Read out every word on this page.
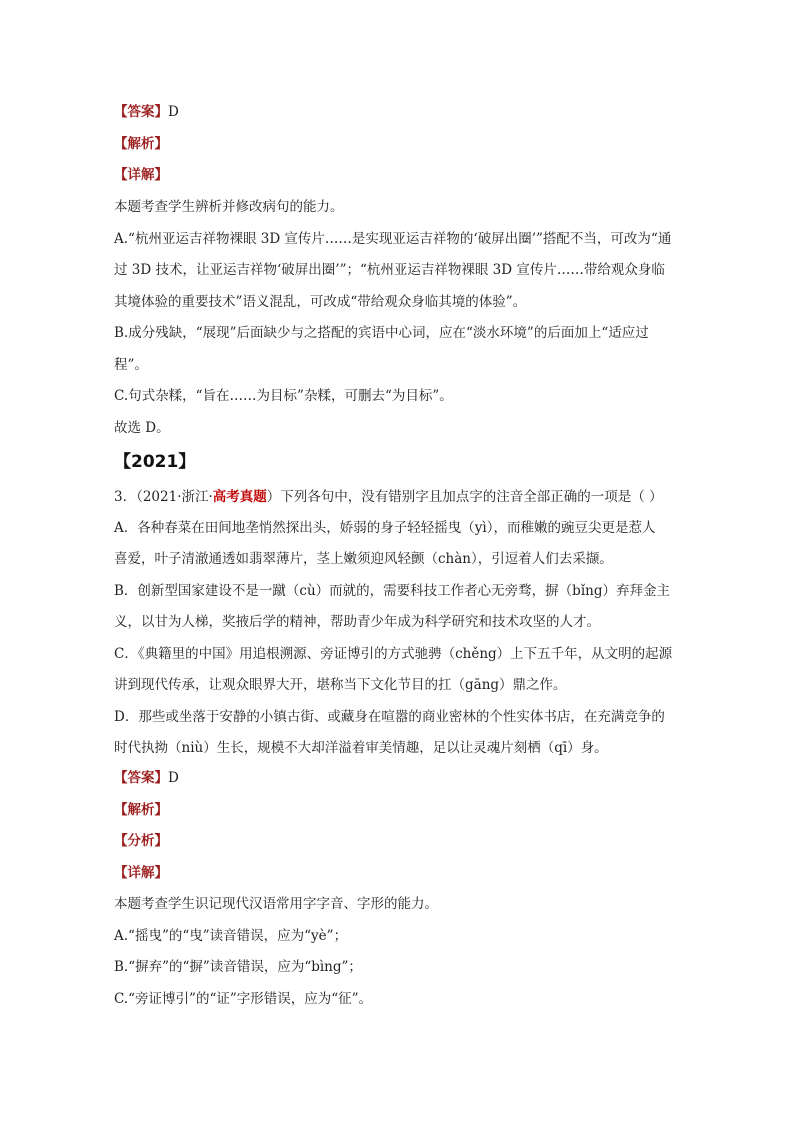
【答案】D
【解析】
【详解】
本题考查学生辨析并修改病句的能力。
A.“杭州亚运吉祥物裸眼 3D 宣传片……是实现亚运吉祥物的‘破屏出圈’”搭配不当，可改为“通
过 3D 技术，让亚运吉祥物‘破屏出圈’”；“杭州亚运吉祥物裸眼 3D 宣传片……带给观众身临
其境体验的重要技术”语义混乱，可改成“带给观众身临其境的体验”。
B.成分残缺，“展现”后面缺少与之搭配的宾语中心词，应在“淡水环境”的后面加上“适应过
程”。
C.句式杂糅，“旨在……为目标”杂糅，可删去“为目标”。
故选 D。
【2021】
3．（2021·浙江·高考真题）下列各句中，没有错别字且加点字的注音全部正确的一项是（ ）
A．各种春菜在田间地垄悄然探出头，娇弱的身子轻轻摇曳（yì），而稚嫩的豌豆尖更是惹人
喜爱，叶子清澈通透如翡翠薄片，茎上嫩须迎风轻颤（chàn），引逗着人们去采撷。
B．创新型国家建设不是一蹴（cù）而就的，需要科技工作者心无旁骛，摒（bǐng）弃拜金主
义，以甘为人梯，奖掖后学的精神，帮助青少年成为科学研究和技术攻坚的人才。
C．《典籍里的中国》用追根溯源、旁证博引的方式驰骋（chěng）上下五千年，从文明的起源
讲到现代传承，让观众眼界大开，堪称当下文化节目的扛（gāng）鼎之作。
D．那些或坐落于安静的小镇古街、或藏身在喧嚣的商业密林的个性实体书店，在充满竞争的
时代执拗（niù）生长，规模不大却洋溢着审美情趣，足以让灵魂片刻栖（qī）身。
【答案】D
【解析】
【分析】
【详解】
本题考查学生识记现代汉语常用字字音、字形的能力。
A.“摇曳”的“曳”读音错误，应为“yè”；
B.“摒弃”的“摒”读音错误，应为“bìng”；
C.“旁证博引”的“证”字形错误，应为“征”。
